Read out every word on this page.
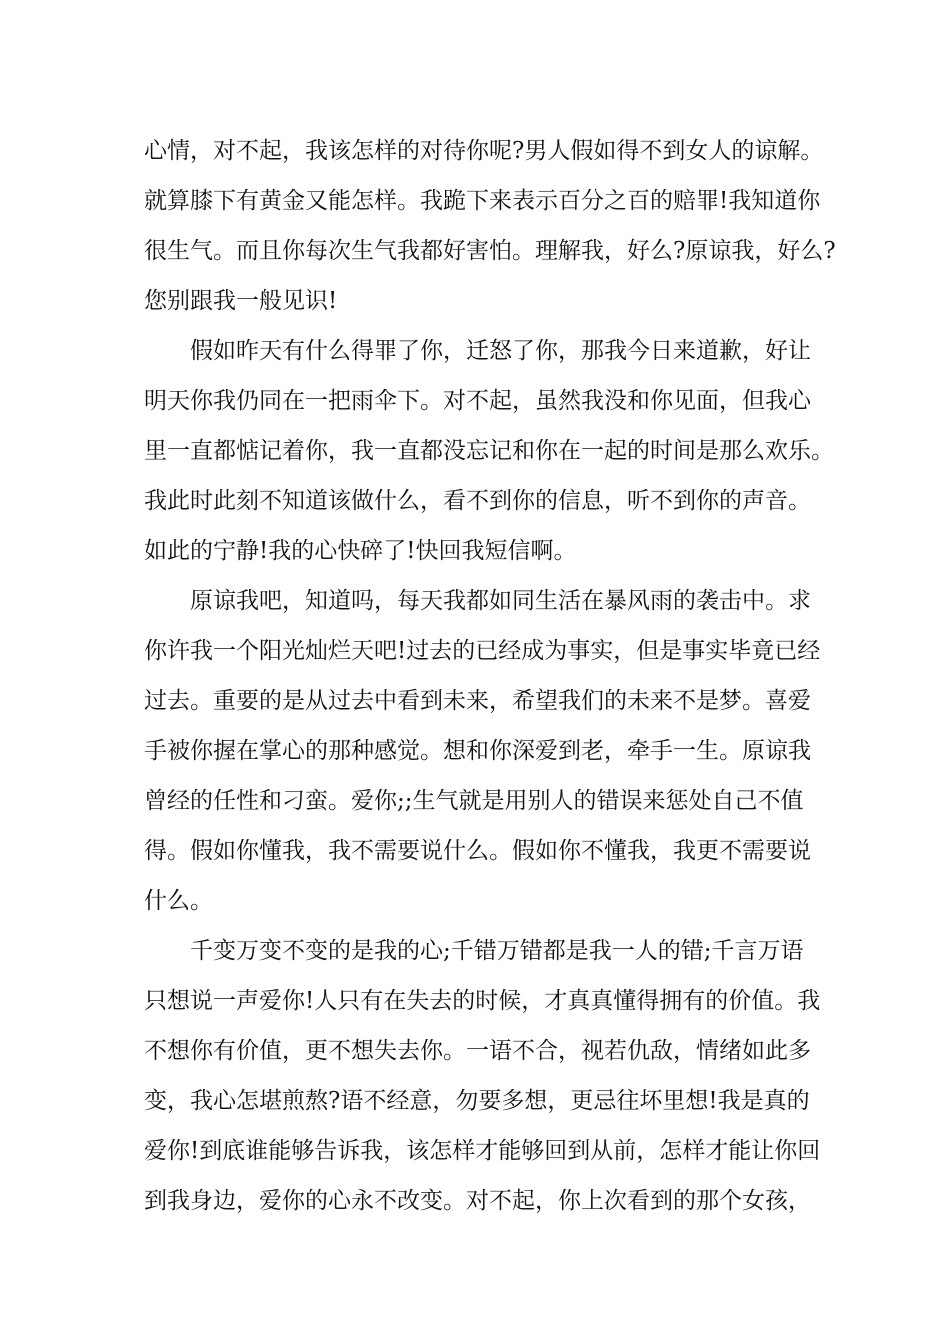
心情，对不起，我该怎样的对待你呢?男人假如得不到女人的谅解。
就算膝下有黄金又能怎样。我跪下来表示百分之百的赔罪!我知道你
很生气。而且你每次生气我都好害怕。理解我，好么?原谅我，好么?
您别跟我一般见识!
假如昨天有什么得罪了你，迁怒了你，那我今日来道歉，好让
明天你我仍同在一把雨伞下。对不起，虽然我没和你见面，但我心
里一直都惦记着你，我一直都没忘记和你在一起的时间是那么欢乐。
我此时此刻不知道该做什么，看不到你的信息，听不到你的声音。
如此的宁静!我的心快碎了!快回我短信啊。
原谅我吧，知道吗，每天我都如同生活在暴风雨的袭击中。求
你许我一个阳光灿烂天吧!过去的已经成为事实，但是事实毕竟已经
过去。重要的是从过去中看到未来，希望我们的未来不是梦。喜爱
手被你握在掌心的那种感觉。想和你深爱到老，牵手一生。原谅我
曾经的任性和刁蛮。爱你;;生气就是用别人的错误来惩处自己不值
得。假如你懂我，我不需要说什么。假如你不懂我，我更不需要说
什么。
千变万变不变的是我的心;千错万错都是我一人的错;千言万语
只想说一声爱你!人只有在失去的时候，才真真懂得拥有的价值。我
不想你有价值，更不想失去你。一语不合，视若仇敌，情绪如此多
变，我心怎堪煎熬?语不经意，勿要多想，更忌往坏里想!我是真的
爱你!到底谁能够告诉我，该怎样才能够回到从前，怎样才能让你回
到我身边，爱你的心永不改变。对不起，你上次看到的那个女孩，
